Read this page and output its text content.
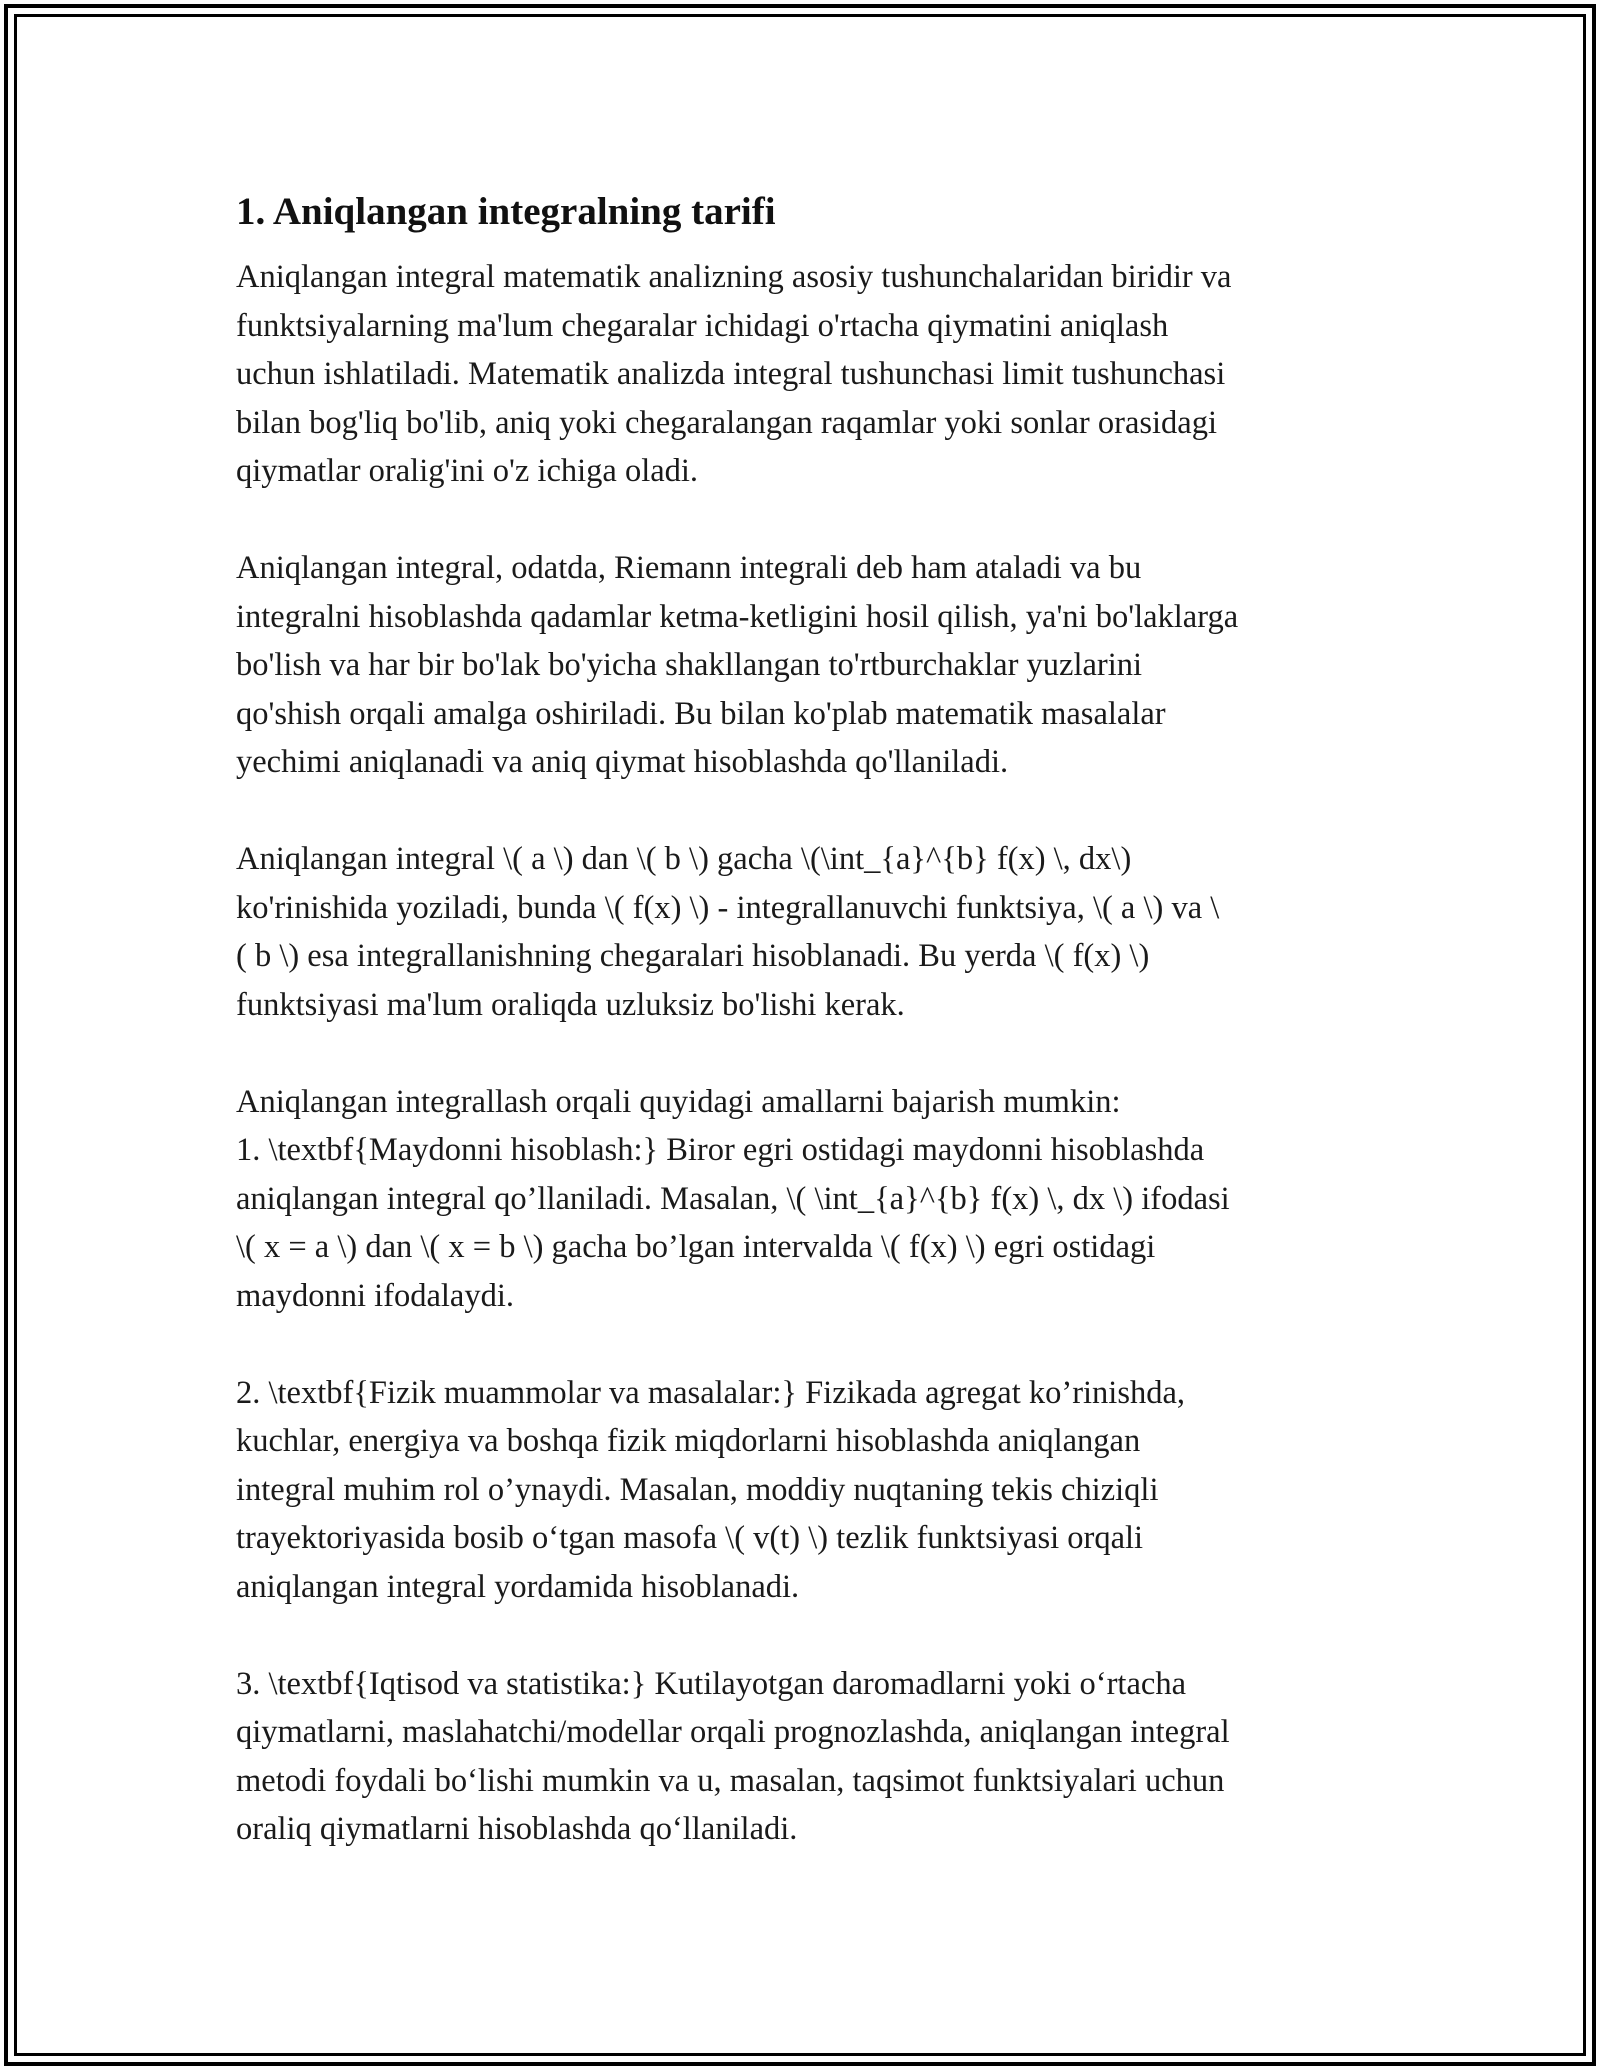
1. Aniqlangan integralning tarifi

Aniqlangan integral matematik analizning asosiy tushunchalaridan biridir va
funktsiyalarning ma'lum chegaralar ichidagi o'rtacha qiymatini aniqlash
uchun ishlatiladi. Matematik analizda integral tushunchasi limit tushunchasi
bilan bog'liq bo'lib, aniq yoki chegaralangan raqamlar yoki sonlar orasidagi
qiymatlar oralig'ini o'z ichiga oladi.

Aniqlangan integral, odatda, Riemann integrali deb ham ataladi va bu
integralni hisoblashda qadamlar ketma-ketligini hosil qilish, ya'ni bo'laklarga
bo'lish va har bir bo'lak bo'yicha shakllangan to'rtburchaklar yuzlarini
qo'shish orqali amalga oshiriladi. Bu bilan ko'plab matematik masalalar
yechimi aniqlanadi va aniq qiymat hisoblashda qo'llaniladi.

Aniqlangan integral \( a \) dan \( b \) gacha \(\int_{a}^{b} f(x) \, dx\)
ko'rinishida yoziladi, bunda \( f(x) \) - integrallanuvchi funktsiya, \( a \) va \
( b \) esa integrallanishning chegaralari hisoblanadi. Bu yerda \( f(x) \)
funktsiyasi ma'lum oraliqda uzluksiz bo'lishi kerak.

Aniqlangan integrallash orqali quyidagi amallarni bajarish mumkin:
1. \textbf{Maydonni hisoblash:} Biror egri ostidagi maydonni hisoblashda
aniqlangan integral qo’llaniladi. Masalan, \( \int_{a}^{b} f(x) \, dx \) ifodasi
\( x = a \) dan \( x = b \) gacha bo’lgan intervalda \( f(x) \) egri ostidagi
maydonni ifodalaydi.

2. \textbf{Fizik muammolar va masalalar:} Fizikada agregat ko’rinishda,
kuchlar, energiya va boshqa fizik miqdorlarni hisoblashda aniqlangan
integral muhim rol o’ynaydi. Masalan, moddiy nuqtaning tekis chiziqli
trayektoriyasida bosib o‘tgan masofa \( v(t) \) tezlik funktsiyasi orqali
aniqlangan integral yordamida hisoblanadi.

3. \textbf{Iqtisod va statistika:} Kutilayotgan daromadlarni yoki o‘rtacha
qiymatlarni, maslahatchi/modellar orqali prognozlashda, aniqlangan integral
metodi foydali bo‘lishi mumkin va u, masalan, taqsimot funktsiyalari uchun
oraliq qiymatlarni hisoblashda qo‘llaniladi.
